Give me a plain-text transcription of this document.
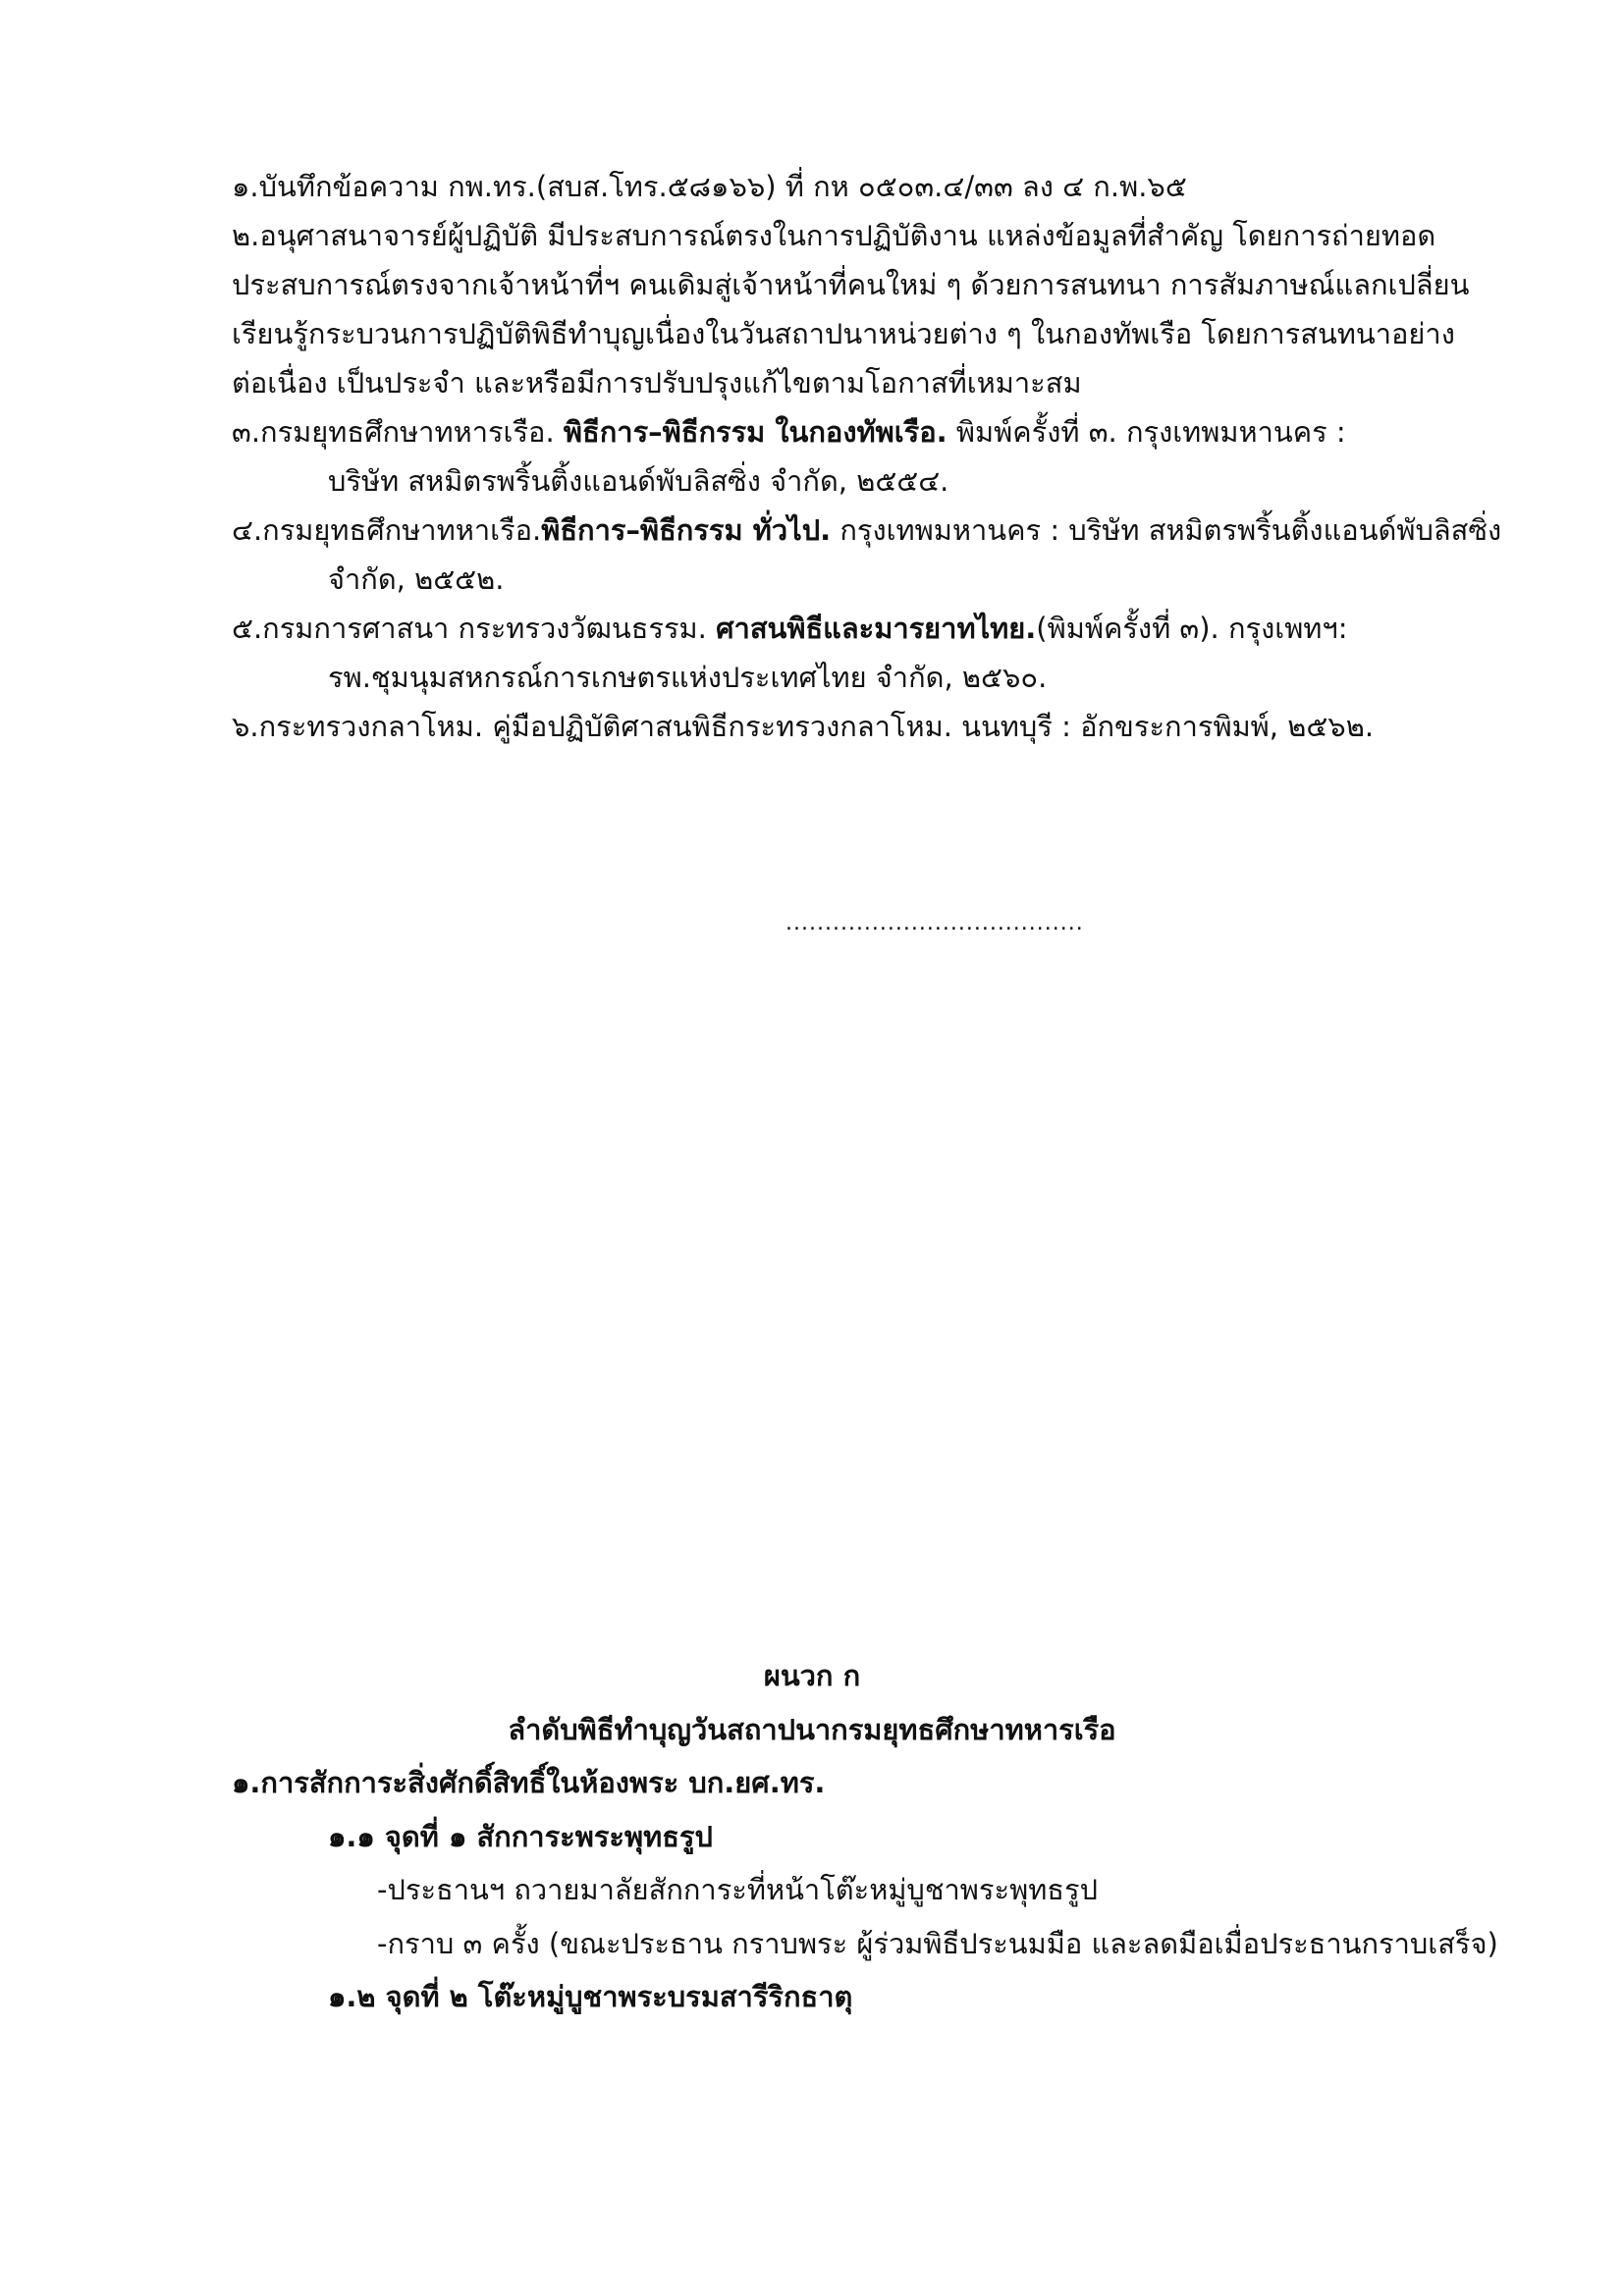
๑.บันทึกข้อความ กพ.ทร.(สบส.โทร.๕๘๑๖๖) ที่ กห ๐๕๐๓.๔/๓๓ ลง ๔ ก.พ.๖๕
๒.อนุศาสนาจารย์ผู้ปฏิบัติ มีประสบการณ์ตรงในการปฏิบัติงาน แหล่งข้อมูลที่สำคัญ โดยการถ่ายทอด
ประสบการณ์ตรงจากเจ้าหน้าที่ฯ คนเดิมสู่เจ้าหน้าที่คนใหม่ ๆ ด้วยการสนทนา การสัมภาษณ์แลกเปลี่ยน
เรียนรู้กระบวนการปฏิบัติพิธีทำบุญเนื่องในวันสถาปนาหน่วยต่าง ๆ ในกองทัพเรือ โดยการสนทนาอย่าง
ต่อเนื่อง เป็นประจำ และหรือมีการปรับปรุงแก้ไขตามโอกาสที่เหมาะสม
๓.กรมยุทธศึกษาทหารเรือ. พิธีการ–พิธีกรรม ในกองทัพเรือ. พิมพ์ครั้งที่ ๓. กรุงเทพมหานคร :
บริษัท สหมิตรพริ้นติ้งแอนด์พับลิสซิ่ง จำกัด, ๒๕๕๔.
๔.กรมยุทธศึกษาทหาเรือ.พิธีการ–พิธีกรรม ทั่วไป. กรุงเทพมหานคร : บริษัท สหมิตรพริ้นติ้งแอนด์พับลิสซิ่ง
จำกัด, ๒๕๕๒.
๕.กรมการศาสนา กระทรวงวัฒนธรรม. ศาสนพิธีและมารยาทไทย.(พิมพ์ครั้งที่ ๓). กรุงเพทฯ:
รพ.ชุมนุมสหกรณ์การเกษตรแห่งประเทศไทย จำกัด, ๒๕๖๐.
๖.กระทรวงกลาโหม. คู่มือปฏิบัติศาสนพิธีกระทรวงกลาโหม. นนทบุรี : อักขระการพิมพ์, ๒๕๖๒.
......................................
ผนวก ก
ลำดับพิธีทำบุญวันสถาปนากรมยุทธศึกษาทหารเรือ
๑.การสักการะสิ่งศักดิ์สิทธิ์ในห้องพระ บก.ยศ.ทร.
๑.๑ จุดที่ ๑ สักการะพระพุทธรูป
-ประธานฯ ถวายมาลัยสักการะที่หน้าโต๊ะหมู่บูชาพระพุทธรูป
-กราบ ๓ ครั้ง (ขณะประธาน กราบพระ ผู้ร่วมพิธีประนมมือ และลดมือเมื่อประธานกราบเสร็จ)
๑.๒ จุดที่ ๒ โต๊ะหมู่บูชาพระบรมสารีริกธาตุ
